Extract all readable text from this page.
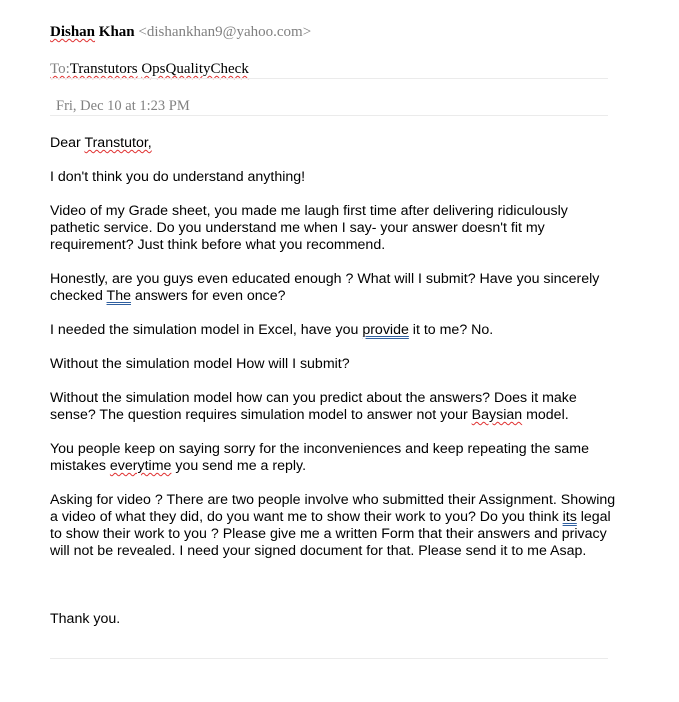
Dishan Khan <dishankhan9@yahoo.com>
To:Transtutors OpsQualityCheck
Fri, Dec 10 at 1:23 PM

Dear Transtutor,

I don't think you do understand anything!

Video of my Grade sheet, you made me laugh first time after delivering ridiculously pathetic service. Do you understand me when I say- your answer doesn't fit my requirement? Just think before what you recommend.

Honestly, are you guys even educated enough ? What will I submit? Have you sincerely checked The answers for even once?

I needed the simulation model in Excel, have you provide it to me? No.

Without the simulation model How will I submit?

Without the simulation model how can you predict about the answers? Does it make sense? The question requires simulation model to answer not your Baysian model.

You people keep on saying sorry for the inconveniences and keep repeating the same mistakes everytime you send me a reply.

Asking for video ? There are two people involve who submitted their Assignment. Showing a video of what they did, do you want me to show their work to you? Do you think its legal to show their work to you ? Please give me a written Form that their answers and privacy will not be revealed. I need your signed document for that. Please send it to me Asap.

Thank you.
